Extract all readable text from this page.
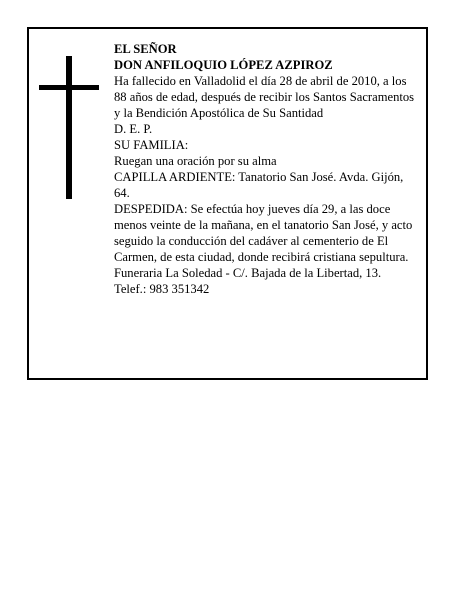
EL SEÑOR

DON ANFILOQUIO LÓPEZ AZPIROZ

Ha fallecido en Valladolid el día 28 de abril de 2010, a los 88 años de edad, después de recibir los Santos Sacramentos y la Bendición Apostólica de Su Santidad

D. E. P.

SU FAMILIA:

Ruegan una oración por su alma

CAPILLA ARDIENTE: Tanatorio San José. Avda. Gijón, 64.

DESPEDIDA: Se efectúa hoy jueves día 29, a las doce menos veinte de la mañana, en el tanatorio San José, y acto seguido la conducción del cadáver al cementerio de El Carmen, de esta ciudad, donde recibirá cristiana sepultura.

Funeraria La Soledad - C/. Bajada de la Libertad, 13.

Telef.: 983 351342
